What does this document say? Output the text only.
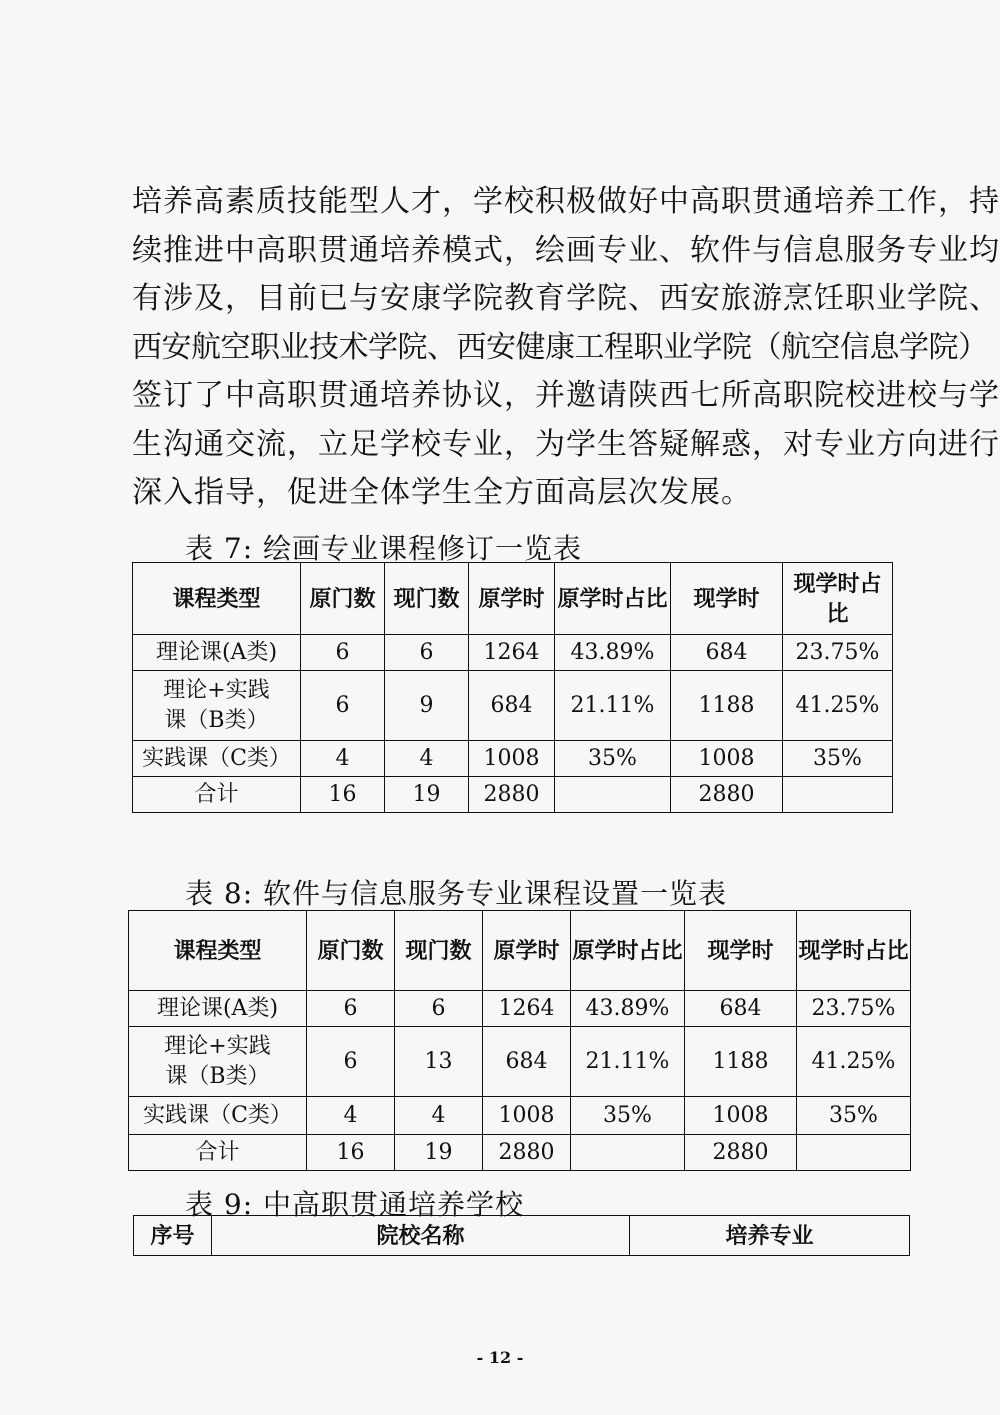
培养高素质技能型人才，学校积极做好中高职贯通培养工作，持
续推进中高职贯通培养模式，绘画专业、软件与信息服务专业均
有涉及，目前已与安康学院教育学院、西安旅游烹饪职业学院、
西安航空职业技术学院、西安健康工程职业学院（航空信息学院）
签订了中高职贯通培养协议，并邀请陕西七所高职院校进校与学
生沟通交流，立足学校专业，为学生答疑解惑，对专业方向进行
深入指导，促进全体学生全方面高层次发展。
表 7: 绘画专业课程修订一览表
课程类型	原门数	现门数	原学时	原学时占比	现学时	现学时占比
理论课(A类)	6	6	1264	43.89%	684	23.75%
理论+实践课（B类）	6	9	684	21.11%	1188	41.25%
实践课（C类）	4	4	1008	35%	1008	35%
合计	16	19	2880		2880	
表 8: 软件与信息服务专业课程设置一览表
课程类型	原门数	现门数	原学时	原学时占比	现学时	现学时占比
理论课(A类)	6	6	1264	43.89%	684	23.75%
理论+实践课（B类）	6	13	684	21.11%	1188	41.25%
实践课（C类）	4	4	1008	35%	1008	35%
合计	16	19	2880		2880	
表 9: 中高职贯通培养学校
序号	院校名称	培养专业
- 12 -
